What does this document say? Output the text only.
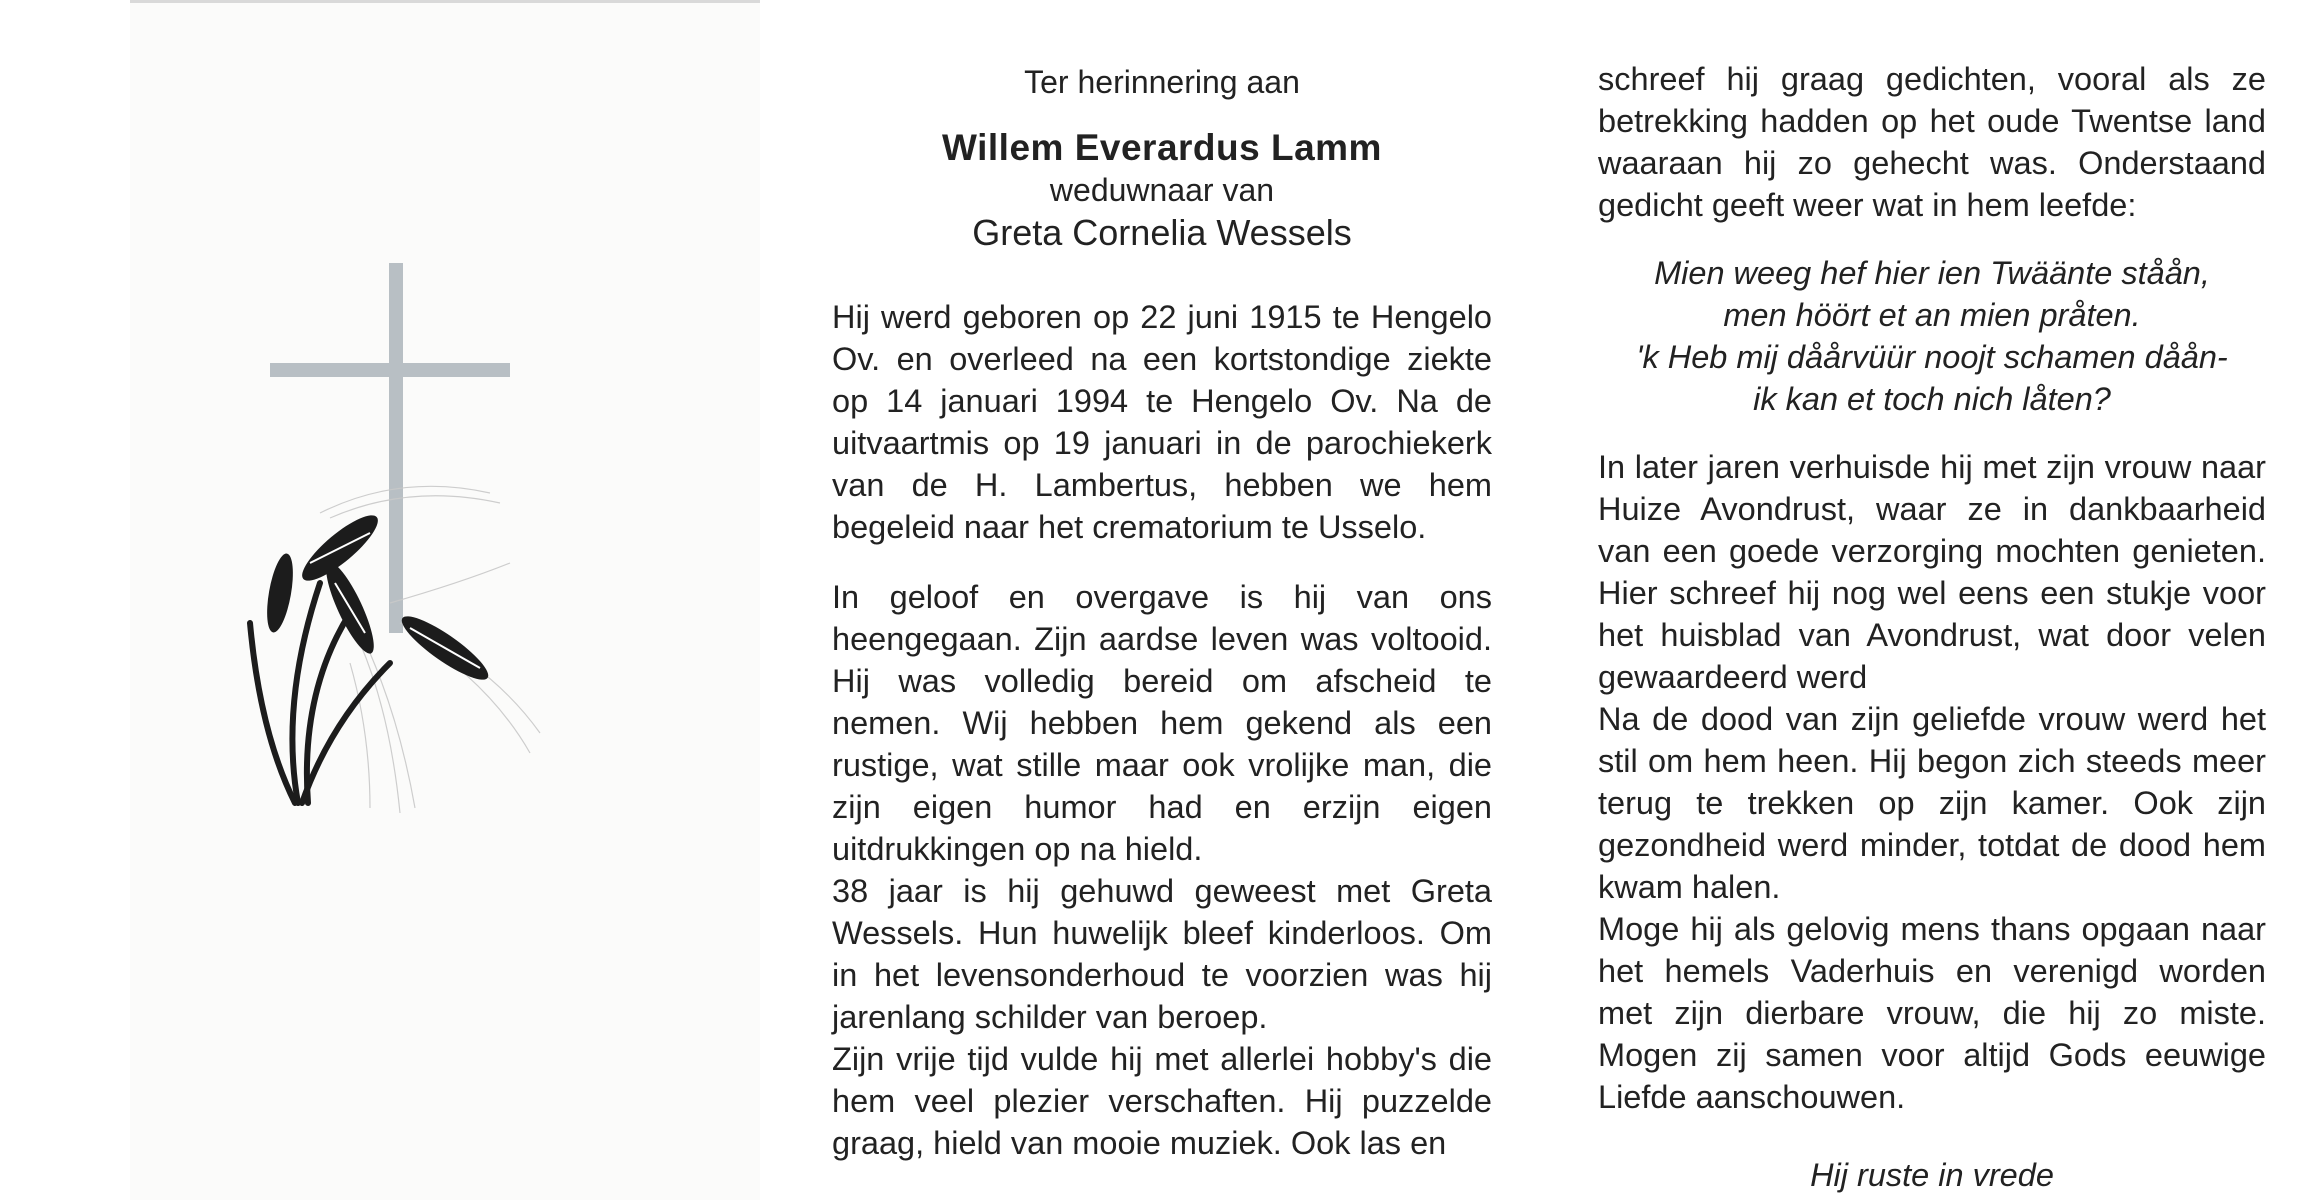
Ter herinnering aan
Willem Everardus Lamm
weduwnaar van
Greta Cornelia Wessels

Hij werd geboren op 22 juni 1915 te Hengelo Ov. en overleed na een kortstondige ziekte op 14 januari 1994 te Hengelo Ov. Na de uitvaartmis op 19 januari in de parochiekerk van de H. Lambertus, hebben we hem begeleid naar het crematorium te Usselo.

In geloof en overgave is hij van ons heengegaan. Zijn aardse leven was voltooid. Hij was volledig bereid om afscheid te nemen. Wij hebben hem gekend als een rustige, wat stille maar ook vrolijke man, die zijn eigen humor had en erzijn eigen uitdrukkingen op na hield.

38 jaar is hij gehuwd geweest met Greta Wessels. Hun huwelijk bleef kinderloos. Om in het levensonderhoud te voorzien was hij jarenlang schilder van beroep.

Zijn vrije tijd vulde hij met allerlei hobby's die hem veel plezier verschaften. Hij puzzelde graag, hield van mooie muziek. Ook las en

schreef hij graag gedichten, vooral als ze betrekking hadden op het oude Twentse land waaraan hij zo gehecht was. Onderstaand gedicht geeft weer wat in hem leefde:

Mien weeg hef hier ien Twäänte ståån,
men höört et an mien pråten.
'k Heb mij dåårvüür noojt schamen dåån-
ik kan et toch nich låten?

In later jaren verhuisde hij met zijn vrouw naar Huize Avondrust, waar ze in dankbaarheid van een goede verzorging mochten genieten. Hier schreef hij nog wel eens een stukje voor het huisblad van Avondrust, wat door velen gewaardeerd werd

Na de dood van zijn geliefde vrouw werd het stil om hem heen. Hij begon zich steeds meer terug te trekken op zijn kamer. Ook zijn gezondheid werd minder, totdat de dood hem kwam halen.

Moge hij als gelovig mens thans opgaan naar het hemels Vaderhuis en verenigd worden met zijn dierbare vrouw, die hij zo miste. Mogen zij samen voor altijd Gods eeuwige Liefde aanschouwen.

Hij ruste in vrede
